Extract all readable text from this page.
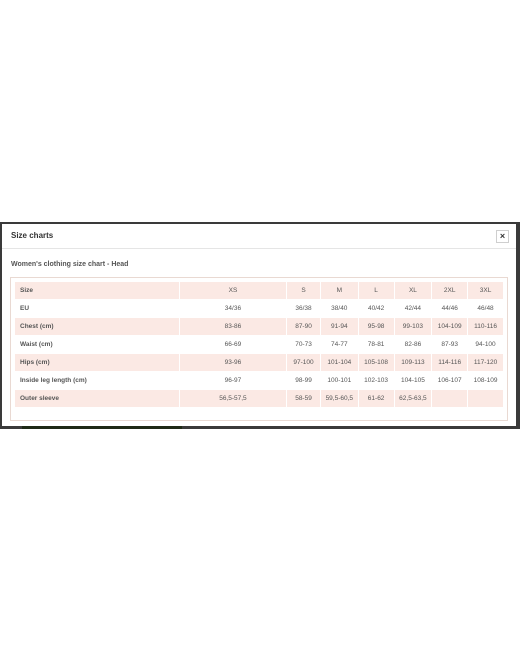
Size charts	×
Women's clothing size chart - Head
Size	XS	S	M	L	XL	2XL	3XL
EU	34/36	36/38	38/40	40/42	42/44	44/46	46/48
Chest (cm)	83-86	87-90	91-94	95-98	99-103	104-109	110-116
Waist (cm)	66-69	70-73	74-77	78-81	82-86	87-93	94-100
Hips (cm)	93-96	97-100	101-104	105-108	109-113	114-116	117-120
Inside leg length (cm)	96-97	98-99	100-101	102-103	104-105	106-107	108-109
Outer sleeve	56,5-57,5	58-59	59,5-60,5	61-62	62,5-63,5		
